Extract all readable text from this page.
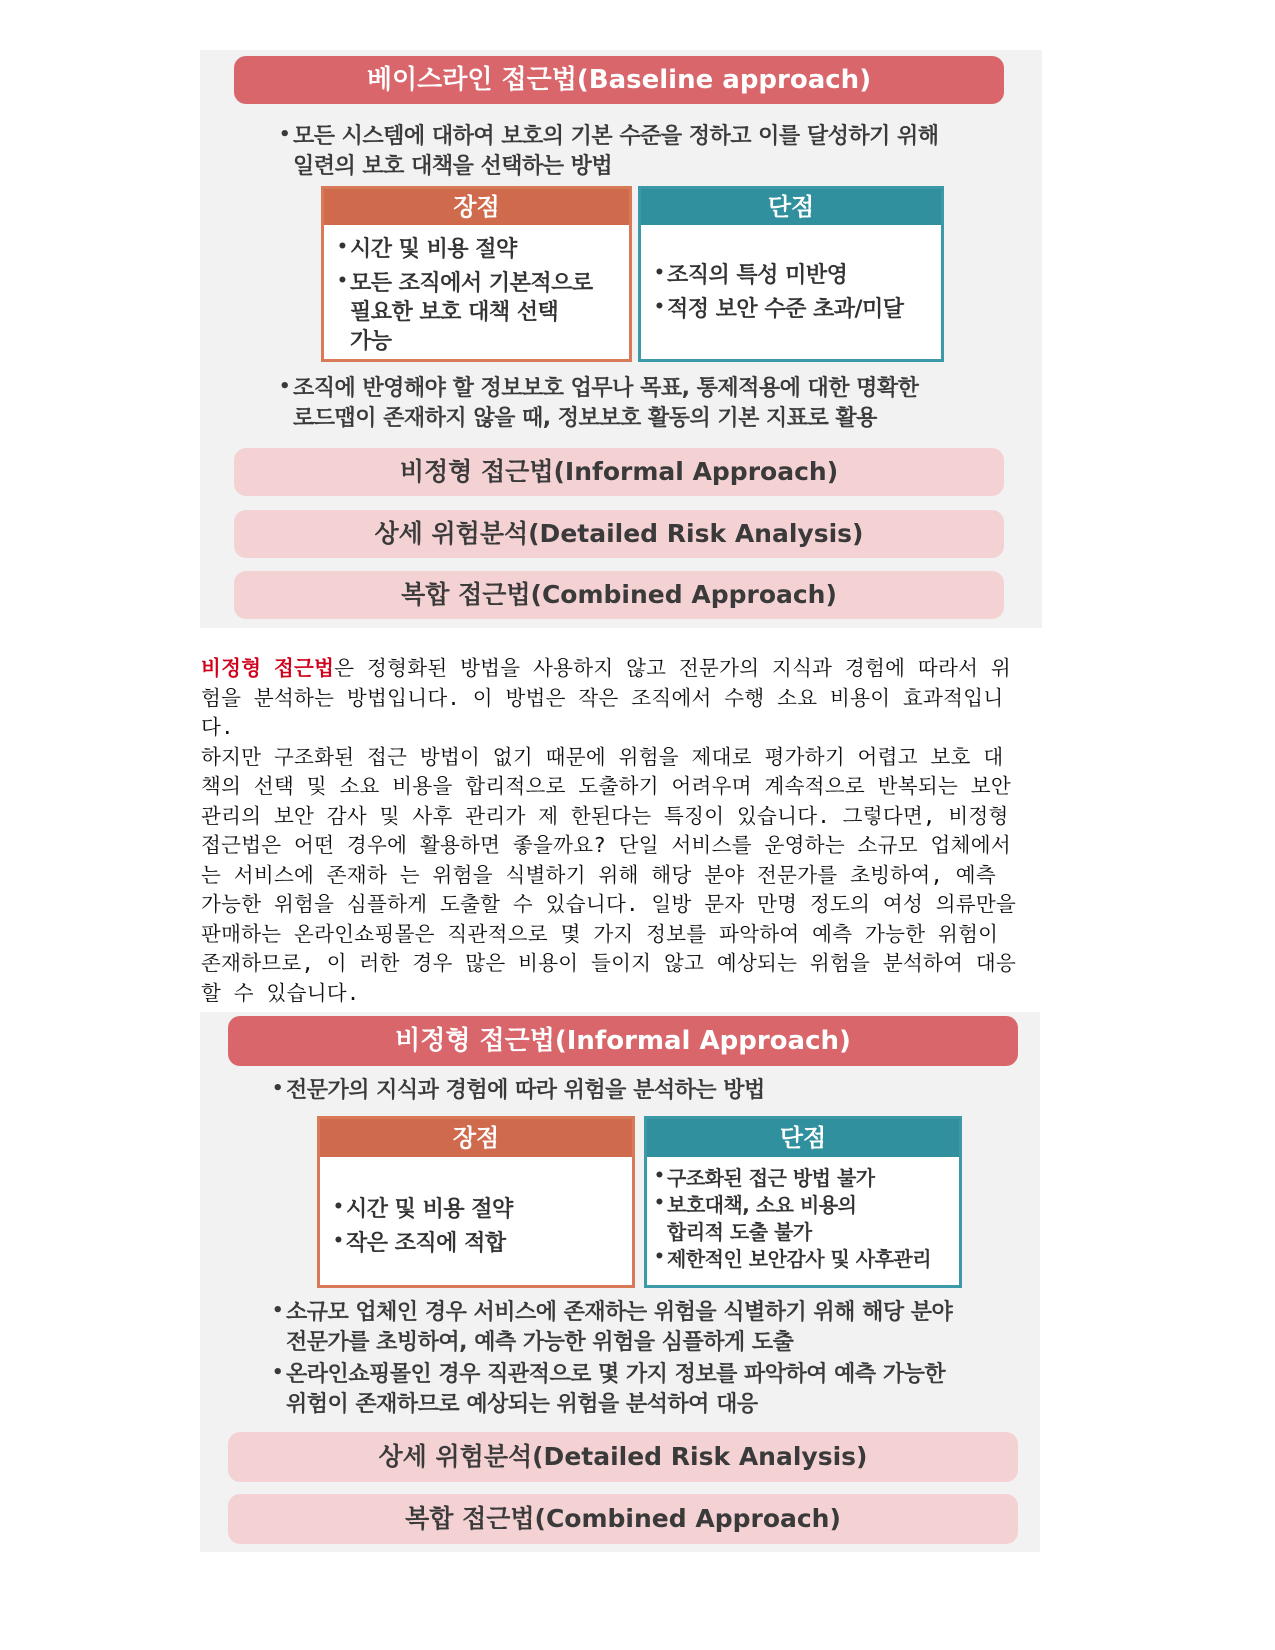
베이스라인 접근법(Baseline approach)
• 모든 시스템에 대하여 보호의 기본 수준을 정하고 이를 달성하기 위해
일련의 보호 대책을 선택하는 방법
장점
• 시간 및 비용 절약
• 모든 조직에서 기본적으로
필요한 보호 대책 선택
가능
단점
• 조직의 특성 미반영
• 적정 보안 수준 초과/미달
• 조직에 반영해야 할 정보보호 업무나 목표, 통제적용에 대한 명확한
로드맵이 존재하지 않을 때, 정보보호 활동의 기본 지표로 활용
비정형 접근법(Informal Approach)
상세 위험분석(Detailed Risk Analysis)
복합 접근법(Combined Approach)
비정형 접근법은 정형화된 방법을 사용하지 않고 전문가의 지식과 경험에 따라서 위
험을 분석하는 방법입니다. 이 방법은 작은 조직에서 수행 소요 비용이 효과적입니
다.
하지만 구조화된 접근 방법이 없기 때문에 위험을 제대로 평가하기 어렵고 보호 대
책의 선택 및 소요 비용을 합리적으로 도출하기 어려우며 계속적으로 반복되는 보안
관리의 보안 감사 및 사후 관리가 제 한된다는 특징이 있습니다. 그렇다면, 비정형
접근법은 어떤 경우에 활용하면 좋을까요? 단일 서비스를 운영하는 소규모 업체에서
는 서비스에 존재하 는 위험을 식별하기 위해 해당 분야 전문가를 초빙하여, 예측
가능한 위험을 심플하게 도출할 수 있습니다. 일방 문자 만명 정도의 여성 의류만을
판매하는 온라인쇼핑몰은 직관적으로 몇 가지 정보를 파악하여 예측 가능한 위험이
존재하므로, 이 러한 경우 많은 비용이 들이지 않고 예상되는 위험을 분석하여 대응
할 수 있습니다.
비정형 접근법(Informal Approach)
• 전문가의 지식과 경험에 따라 위험을 분석하는 방법
장점
• 시간 및 비용 절약
• 작은 조직에 적합
단점
• 구조화된 접근 방법 불가
• 보호대책, 소요 비용의
합리적 도출 불가
• 제한적인 보안감사 및 사후관리
• 소규모 업체인 경우 서비스에 존재하는 위험을 식별하기 위해 해당 분야
전문가를 초빙하여, 예측 가능한 위험을 심플하게 도출
• 온라인쇼핑몰인 경우 직관적으로 몇 가지 정보를 파악하여 예측 가능한
위험이 존재하므로 예상되는 위험을 분석하여 대응
상세 위험분석(Detailed Risk Analysis)
복합 접근법(Combined Approach)
